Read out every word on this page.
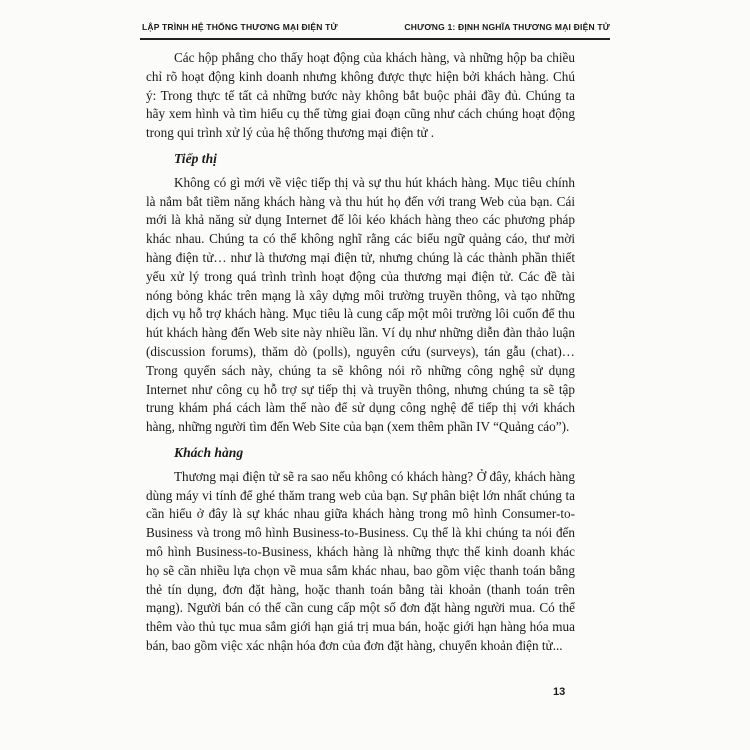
LẬP TRÌNH HỆ THỐNG THƯƠNG MẠI ĐIỆN TỬ	CHƯƠNG 1: ĐỊNH NGHĨA THƯƠNG MẠI ĐIỆN TỬ

Các hộp phẳng cho thấy hoạt động của khách hàng, và những hộp ba chiều chỉ rõ hoạt động kinh doanh nhưng không được thực hiện bởi khách hàng. Chú ý: Trong thực tế tất cả những bước này không bắt buộc phải đầy đủ. Chúng ta hãy xem hình và tìm hiểu cụ thể từng giai đoạn cũng như cách chúng hoạt động trong qui trình xử lý của hệ thống thương mại điện tử .

Tiếp thị

Không có gì mới về việc tiếp thị và sự thu hút khách hàng. Mục tiêu chính là nắm bắt tiềm năng khách hàng và thu hút họ đến với trang Web của bạn. Cái mới là khả năng sử dụng Internet để lôi kéo khách hàng theo các phương pháp khác nhau. Chúng ta có thể không nghĩ rằng các biểu ngữ quảng cáo, thư mời hàng điện tử… như là thương mại điện tử, nhưng chúng là các thành phần thiết yếu xử lý trong quá trình trình hoạt động của thương mại điện tử. Các đề tài nóng bỏng khác trên mạng là xây dựng môi trường truyền thông, và tạo những dịch vụ hỗ trợ khách hàng. Mục tiêu là cung cấp một môi trường lôi cuốn để thu hút khách hàng đến Web site này nhiều lần. Ví dụ như những diễn đàn thảo luận (discussion forums), thăm dò (polls), nguyên cứu (surveys), tán gẫu (chat)… Trong quyển sách này, chúng ta sẽ không nói rõ những công nghệ sử dụng Internet như công cụ hỗ trợ sự tiếp thị và truyền thông, nhưng chúng ta sẽ tập trung khám phá cách làm thế nào để sử dụng công nghệ để tiếp thị với khách hàng, những người tìm đến Web Site của bạn (xem thêm phần IV “Quảng cáo”).

Khách hàng

Thương mại điện tử sẽ ra sao nếu không có khách hàng? Ở đây, khách hàng dùng máy vi tính để ghé thăm trang web của bạn. Sự phân biệt lớn nhất chúng ta cần hiểu ở đây là sự khác nhau giữa khách hàng trong mô hình Consumer-to-Business và trong mô hình Business-to-Business. Cụ thể là khi chúng ta nói đến mô hình Business-to-Business, khách hàng là những thực thể kinh doanh khác họ sẽ cần nhiều lựa chọn về mua sắm khác nhau, bao gồm việc thanh toán bằng thẻ tín dụng, đơn đặt hàng, hoặc thanh toán bằng tài khoản (thanh toán trên mạng). Người bán có thể cần cung cấp một số đơn đặt hàng người mua. Có thể thêm vào thủ tục mua sắm giới hạn giá trị mua bán, hoặc giới hạn hàng hóa mua bán, bao gồm việc xác nhận hóa đơn của đơn đặt hàng, chuyển khoản điện tử...

13
